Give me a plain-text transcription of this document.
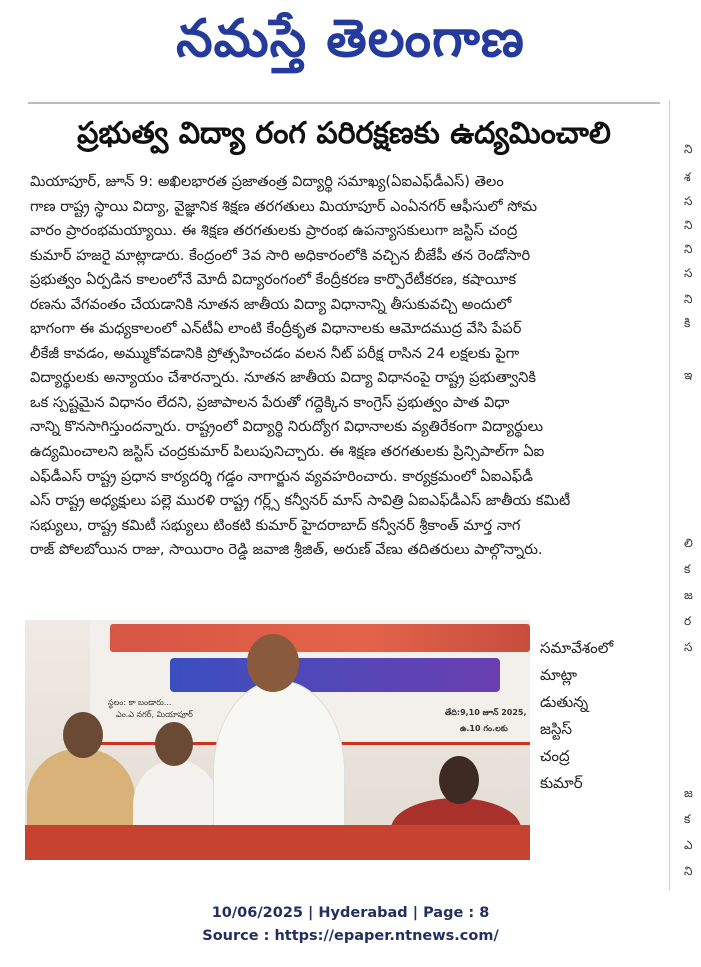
నమస్తే తెలంగాణ
ని
శ
స
ని
ని
స
ని
కి
ఇ
లి
క
జ
ర
స
జ
క
ఎ
ని
ప్రభుత్వ విద్యా రంగ పరిరక్షణకు ఉద్యమించాలి

మియాపూర్, జూన్ 9: అఖిలభారత ప్రజాతంత్ర విద్యార్థి సమాఖ్య(ఏఐఎఫ్‌డీఎస్) తెలం

గాణ రాష్ట్ర స్థాయి విద్యా, వైజ్ఞానిక శిక్షణ తరగతులు మియాపూర్ ఎంఏనగర్ ఆఫీసులో సోమ

వారం ప్రారంభమయ్యాయి. ఈ శిక్షణ తరగతులకు ప్రారంభ ఉపన్యాసకులుగా జస్టిస్ చంద్ర

కుమార్ హజరై మాట్లాడారు. కేంద్రంలో 3వ సారి అధికారంలోకి వచ్చిన బీజేపీ తన రెండోసారి

ప్రభుత్వం ఏర్పడిన కాలంలోనే మోదీ విద్యారంగంలో కేంద్రీకరణ కార్పొరేటీకరణ, కషాయీక

రణను వేగవంతం చేయడానికి నూతన జాతీయ విద్యా విధానాన్ని తీసుకువచ్చి అందులో

భాగంగా ఈ మధ్యకాలంలో ఎన్‌టీఏ లాంటి కేంద్రీకృత విధానాలకు ఆమోదముద్ర వేసి పేపర్

లీకేజీ కావడం, అమ్ముకోవడానికి ప్రోత్సహించడం వలన నీట్ పరీక్ష రాసిన 24 లక్షలకు పైగా

విద్యార్థులకు అన్యాయం చేశారన్నారు. నూతన జాతీయ విద్యా విధానంపై రాష్ట్ర ప్రభుత్వానికి

ఒక స్పష్టమైన విధానం లేదని, ప్రజాపాలన పేరుతో గద్దెక్కిన కాంగ్రెస్ ప్రభుత్వం పాత విధా

నాన్ని కొనసాగిస్తుందన్నారు. రాష్ట్రంలో విద్యార్థి నిరుద్యోగ విధానాలకు వ్యతిరేకంగా విద్యార్థులు

ఉద్యమించాలని జస్టిస్ చంద్రకుమార్ పిలుపునిచ్చారు. ఈ శిక్షణ తరగతులకు ప్రిన్సిపాల్‌గా ఏఐ

ఎఫ్‌డీఎస్ రాష్ట్ర ప్రధాన కార్యదర్శి గడ్డం నాగార్జున వ్యవహరించారు. కార్యక్రమంలో ఏఐఎఫ్‌డీ

ఎస్ రాష్ట్ర అధ్యక్షులు పల్లె మురళి రాష్ట్ర గర్ల్స్ కన్వీనర్ మాస్ సావిత్రి ఏఐఎఫ్‌డీఎస్ జాతీయ కమిటీ

సభ్యులు, రాష్ట్ర కమిటీ సభ్యులు టింకటి కుమార్ హైదరాబాద్ కన్వీనర్ శ్రీకాంత్ మార్త నాగ

రాజ్ పోలబోయిన రాజు, సాయిరాం రెడ్డి జవాజి శ్రీజిత్, అరుణ్ వేణు తదితరులు పాల్గొన్నారు.

స్థలం: కా బండారు...
ఎం.ఎ నగర్, మియాపూర్	తేది:9,10 జూన్ 2025,
ఉ.10 గం.లకు
సమావేశంలో
మాట్లా
డుతున్న
జస్టిస్
చంద్ర
కుమార్
10/06/2025 | Hyderabad | Page : 8
Source : https://epaper.ntnews.com/
